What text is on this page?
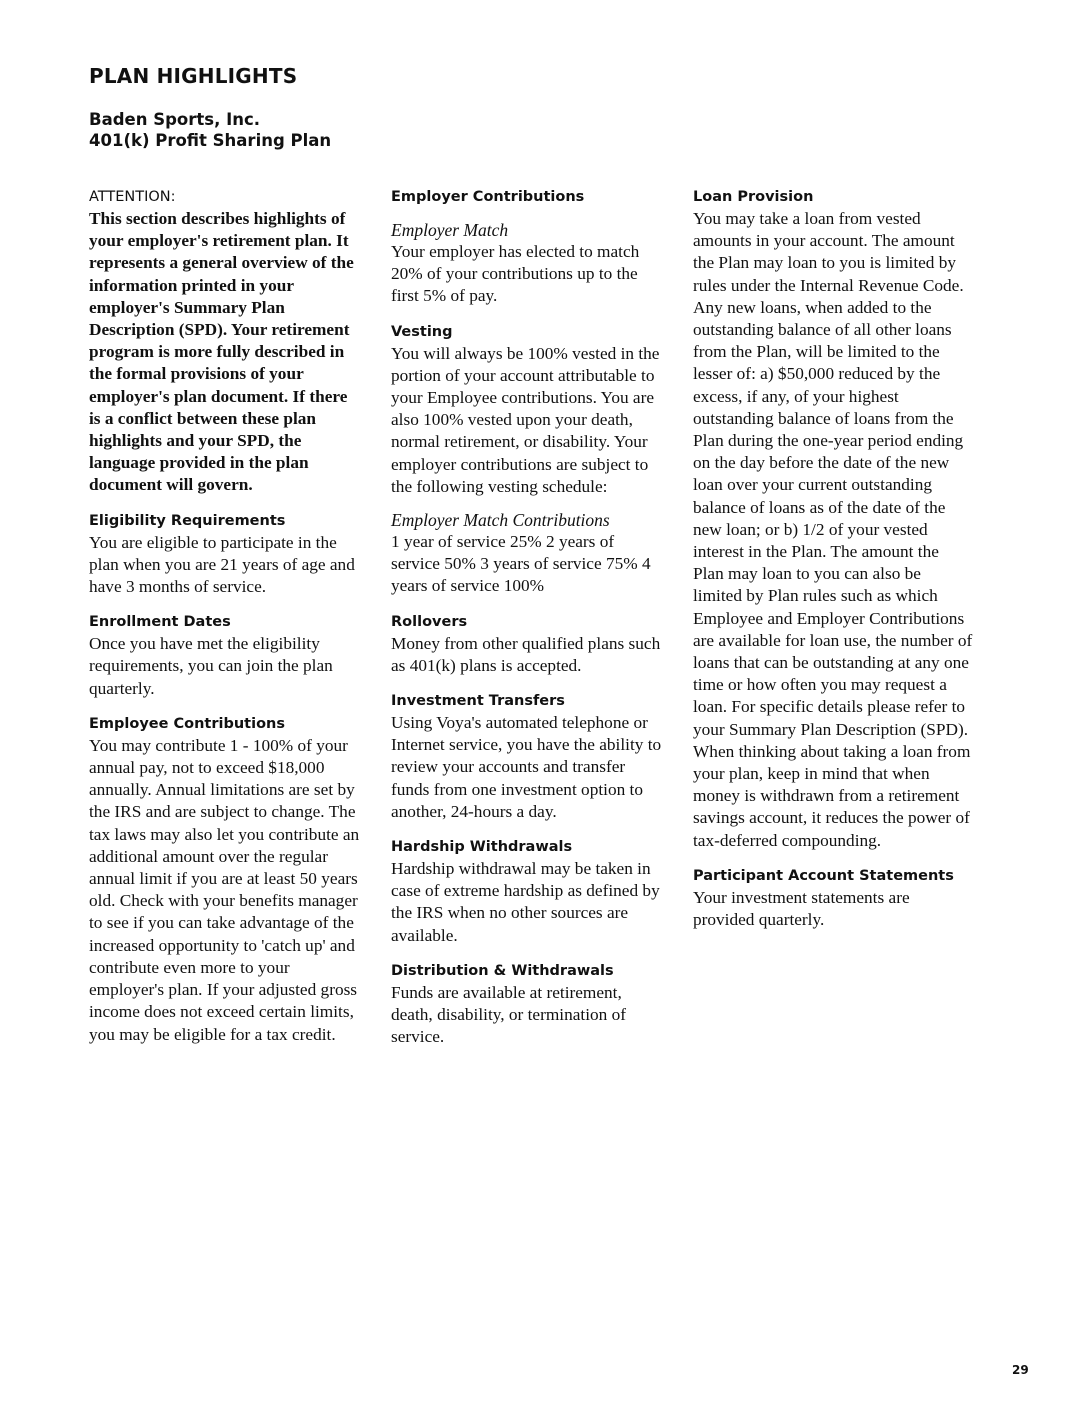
PLAN HIGHLIGHTS
Baden Sports, Inc.
401(k) Profit Sharing Plan

ATTENTION:

This section describes highlights of your employer's retirement plan. It represents a general overview of the information printed in your employer's Summary Plan Description (SPD). Your retirement program is more fully described in the formal provisions of your employer's plan document. If there is a conflict between these plan highlights and your SPD, the language provided in the plan document will govern.

Eligibility Requirements

You are eligible to participate in the plan when you are 21 years of age and have 3 months of service.

Enrollment Dates

Once you have met the eligibility requirements, you can join the plan quarterly.

Employee Contributions

You may contribute 1 - 100% of your annual pay, not to exceed $18,000 annually. Annual limitations are set by the IRS and are subject to change. The tax laws may also let you contribute an additional amount over the regular annual limit if you are at least 50 years old. Check with your benefits manager to see if you can take advantage of the increased opportunity to 'catch up' and contribute even more to your employer's plan. If your adjusted gross income does not exceed certain limits, you may be eligible for a tax credit.

Employer Contributions

Employer Match

Your employer has elected to match 20% of your contributions up to the first 5% of pay.

Vesting

You will always be 100% vested in the portion of your account attributable to your Employee contributions. You are also 100% vested upon your death, normal retirement, or disability. Your employer contributions are subject to the following vesting schedule:

Employer Match Contributions

1 year of service 25% 2 years of service 50% 3 years of service 75% 4 years of service 100%

Rollovers

Money from other qualified plans such as 401(k) plans is accepted.

Investment Transfers

Using Voya's automated telephone or Internet service, you have the ability to review your accounts and transfer funds from one investment option to another, 24-hours a day.

Hardship Withdrawals

Hardship withdrawal may be taken in case of extreme hardship as defined by the IRS when no other sources are available.

Distribution & Withdrawals

Funds are available at retirement, death, disability, or termination of service.

Loan Provision

You may take a loan from vested amounts in your account. The amount the Plan may loan to you is limited by rules under the Internal Revenue Code. Any new loans, when added to the outstanding balance of all other loans from the Plan, will be limited to the lesser of: a) $50,000 reduced by the excess, if any, of your highest outstanding balance of loans from the Plan during the one-year period ending on the day before the date of the new loan over your current outstanding balance of loans as of the date of the new loan; or b) 1/2 of your vested interest in the Plan. The amount the Plan may loan to you can also be limited by Plan rules such as which Employee and Employer Contributions are available for loan use, the number of loans that can be outstanding at any one time or how often you may request a loan. For specific details please refer to your Summary Plan Description (SPD). When thinking about taking a loan from your plan, keep in mind that when money is withdrawn from a retirement savings account, it reduces the power of tax-deferred compounding.

Participant Account Statements

Your investment statements are provided quarterly.

29
